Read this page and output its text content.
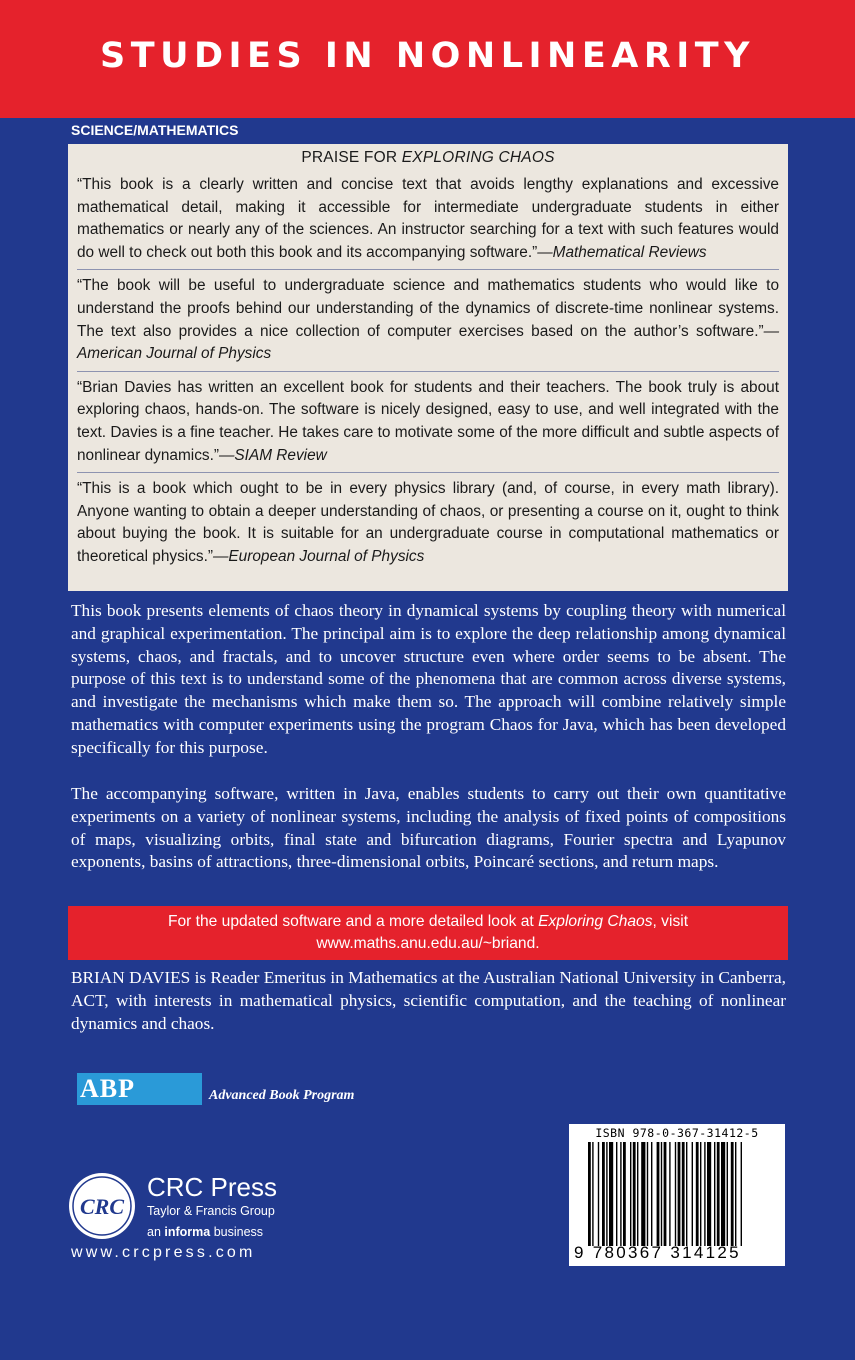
STUDIES IN NONLINEARITY
SCIENCE/MATHEMATICS
PRAISE FOR EXPLORING CHAOS
“This book is a clearly written and concise text that avoids lengthy explanations and excessive mathematical detail, making it accessible for intermediate undergraduate students in either mathematics or nearly any of the sciences. An instructor searching for a text with such features would do well to check out both this book and its accompanying software.”—Mathematical Reviews
“The book will be useful to undergraduate science and mathematics students who would like to understand the proofs behind our understanding of the dynamics of discrete-time nonlinear systems. The text also provides a nice collection of computer exercises based on the author’s software.”—American Journal of Physics
“Brian Davies has written an excellent book for students and their teachers. The book truly is about exploring chaos, hands-on. The software is nicely designed, easy to use, and well integrated with the text. Davies is a fine teacher. He takes care to motivate some of the more difficult and subtle aspects of nonlinear dynamics.”—SIAM Review
“This is a book which ought to be in every physics library (and, of course, in every math library). Anyone wanting to obtain a deeper understanding of chaos, or presenting a course on it, ought to think about buying the book. It is suitable for an undergraduate course in computational mathematics or theoretical physics.”—European Journal of Physics

This book presents elements of chaos theory in dynamical systems by coupling theory with numerical and graphical experimentation. The principal aim is to explore the deep relationship among dynamical systems, chaos, and fractals, and to uncover structure even where order seems to be absent. The purpose of this text is to understand some of the phenomena that are common across diverse systems, and investigate the mechanisms which make them so. The approach will combine relatively simple mathematics with computer experiments using the program Chaos for Java, which has been developed specifically for this purpose.

The accompanying software, written in Java, enables students to carry out their own quantitative experiments on a variety of nonlinear systems, including the analysis of fixed points of compositions of maps, visualizing orbits, final state and bifurcation diagrams, Fourier spectra and Lyapunov exponents, basins of attractions, three-dimensional orbits, Poincaré sections, and return maps.

For the updated software and a more detailed look at Exploring Chaos, visit
www.maths.anu.edu.au/~briand.

BRIAN DAVIES is Reader Emeritus in Mathematics at the Australian National University in Canberra, ACT, with interests in mathematical physics, scientific computation, and the teaching of nonlinear dynamics and chaos.

ABP	Advanced Book Program
CRC
CRC Press
Taylor & Francis Group
an informa business
www.crcpress.com
ISBN 978-0-367-31412-5
9 780367 314125
